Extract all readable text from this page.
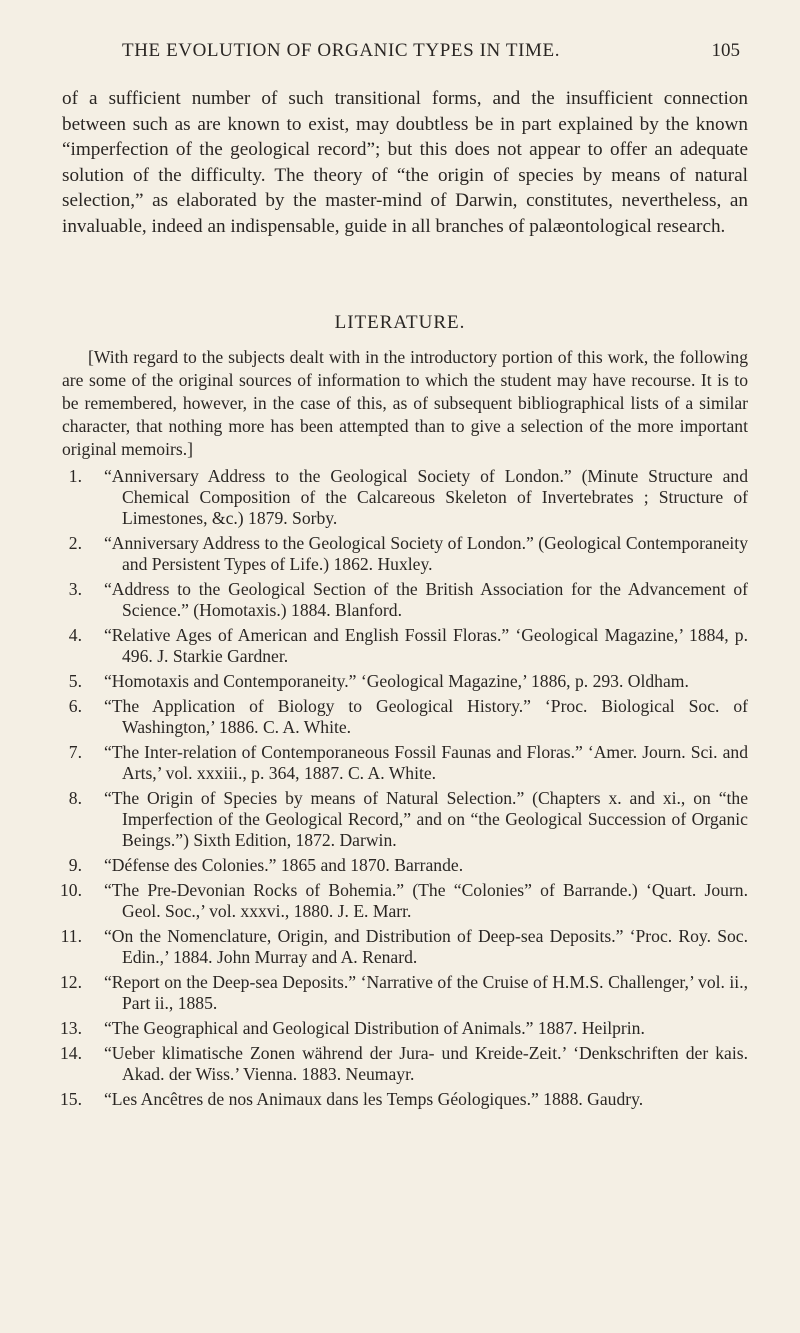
THE EVOLUTION OF ORGANIC TYPES IN TIME.	105

of a sufficient number of such transitional forms, and the insufficient connection between such as are known to exist, may doubtless be in part explained by the known “imperfection of the geological record”; but this does not appear to offer an adequate solution of the difficulty. The theory of “the origin of species by means of natural selection,” as elaborated by the master-mind of Darwin, constitutes, nevertheless, an invaluable, indeed an indispensable, guide in all branches of palæontological research.

LITERATURE.

[With regard to the subjects dealt with in the introductory portion of this work, the following are some of the original sources of information to which the student may have recourse. It is to be remembered, however, in the case of this, as of subsequent bibliographical lists of a similar character, that nothing more has been attempted than to give a selection of the more important original memoirs.]

1. “Anniversary Address to the Geological Society of London.” (Minute Structure and Chemical Composition of the Calcareous Skeleton of Invertebrates ; Structure of Limestones, &c.) 1879. Sorby.
2. “Anniversary Address to the Geological Society of London.” (Geological Contemporaneity and Persistent Types of Life.) 1862. Huxley.
3. “Address to the Geological Section of the British Association for the Advancement of Science.” (Homotaxis.) 1884. Blanford.
4. “Relative Ages of American and English Fossil Floras.” ‘Geological Magazine,’ 1884, p. 496. J. Starkie Gardner.
5. “Homotaxis and Contemporaneity.” ‘Geological Magazine,’ 1886, p. 293. Oldham.
6. “The Application of Biology to Geological History.” ‘Proc. Biological Soc. of Washington,’ 1886. C. A. White.
7. “The Inter-relation of Contemporaneous Fossil Faunas and Floras.” ‘Amer. Journ. Sci. and Arts,’ vol. xxxiii., p. 364, 1887. C. A. White.
8. “The Origin of Species by means of Natural Selection.” (Chapters x. and xi., on “the Imperfection of the Geological Record,” and on “the Geological Succession of Organic Beings.”) Sixth Edition, 1872. Darwin.
9. “Défense des Colonies.” 1865 and 1870. Barrande.
10. “The Pre-Devonian Rocks of Bohemia.” (The “Colonies” of Barrande.) ‘Quart. Journ. Geol. Soc.,’ vol. xxxvi., 1880. J. E. Marr.
11. “On the Nomenclature, Origin, and Distribution of Deep-sea Deposits.” ‘Proc. Roy. Soc. Edin.,’ 1884. John Murray and A. Renard.
12. “Report on the Deep-sea Deposits.” ‘Narrative of the Cruise of H.M.S. Challenger,’ vol. ii., Part ii., 1885.
13. “The Geographical and Geological Distribution of Animals.” 1887. Heilprin.
14. “Ueber klimatische Zonen während der Jura- und Kreide-Zeit.’ ‘Denkschriften der kais. Akad. der Wiss.’ Vienna. 1883. Neumayr.
15. “Les Ancêtres de nos Animaux dans les Temps Géologiques.” 1888. Gaudry.
